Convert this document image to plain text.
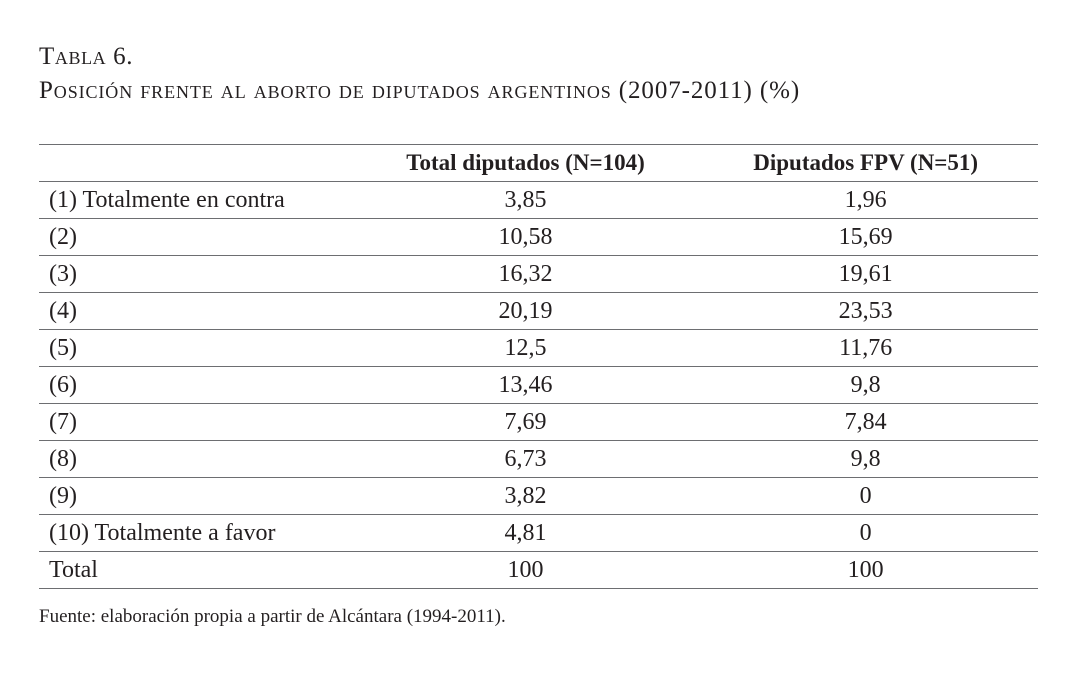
Tabla 6.
Posición frente al aborto de diputados argentinos (2007-2011) (%)
	Total diputados (N=104)	Diputados FPV (N=51)
(1) Totalmente en contra	3,85	1,96
(2)	10,58	15,69
(3)	16,32	19,61
(4)	20,19	23,53
(5)	12,5	11,76
(6)	13,46	9,8
(7)	7,69	7,84
(8)	6,73	9,8
(9)	3,82	0
(10) Totalmente a favor	4,81	0
Total	100	100
Fuente: elaboración propia a partir de Alcántara (1994-2011).
